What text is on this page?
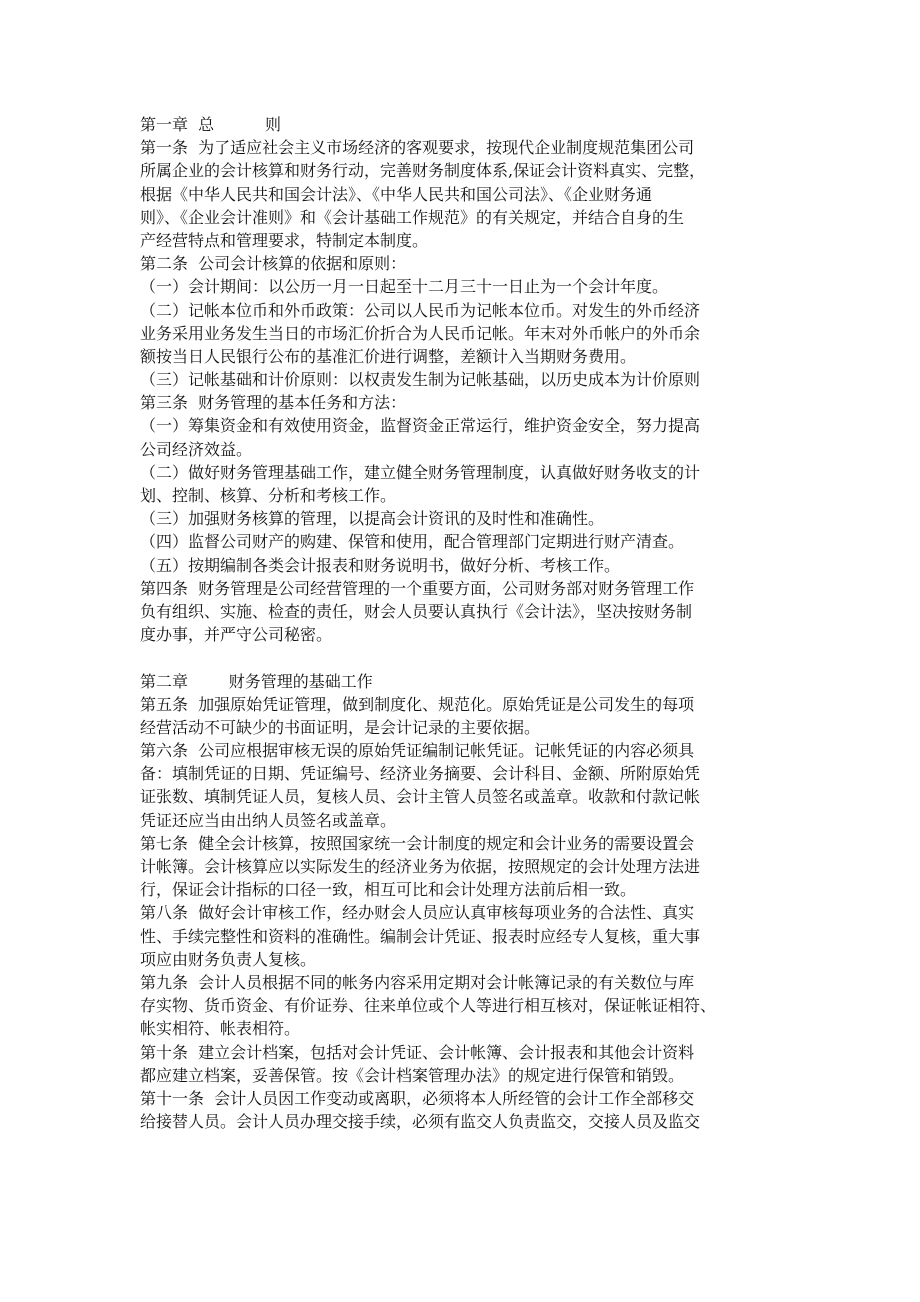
第一章  总          则
第一条  为了适应社会主义市场经济的客观要求，按现代企业制度规范集团公司
所属企业的会计核算和财务行动，完善财务制度体系,保证会计资料真实、完整，
根据《中华人民共和国会计法》、《中华人民共和国公司法》、《企业财务通
则》、《企业会计准则》和《会计基础工作规范》的有关规定，并结合自身的生
产经营特点和管理要求，特制定本制度。
第二条  公司会计核算的依据和原则：
（一）会计期间：以公历一月一日起至十二月三十一日止为一个会计年度。
（二）记帐本位币和外币政策：公司以人民币为记帐本位币。对发生的外币经济
业务采用业务发生当日的市场汇价折合为人民币记帐。年末对外币帐户的外币余
额按当日人民银行公布的基准汇价进行调整，差额计入当期财务费用。
（三）记帐基础和计价原则：以权责发生制为记帐基础，以历史成本为计价原则
第三条  财务管理的基本任务和方法：
（一）筹集资金和有效使用资金，监督资金正常运行，维护资金安全，努力提高
公司经济效益。
（二）做好财务管理基础工作，建立健全财务管理制度，认真做好财务收支的计
划、控制、核算、分析和考核工作。
（三）加强财务核算的管理，以提高会计资讯的及时性和准确性。
（四）监督公司财产的购建、保管和使用，配合管理部门定期进行财产清查。
（五）按期编制各类会计报表和财务说明书，做好分析、考核工作。
第四条  财务管理是公司经营管理的一个重要方面，公司财务部对财务管理工作
负有组织、实施、检查的责任，财会人员要认真执行《会计法》，坚决按财务制
度办事，并严守公司秘密。
第二章        财务管理的基础工作
第五条  加强原始凭证管理，做到制度化、规范化。原始凭证是公司发生的每项
经营活动不可缺少的书面证明，是会计记录的主要依据。
第六条  公司应根据审核无误的原始凭证编制记帐凭证。记帐凭证的内容必须具
备：填制凭证的日期、凭证编号、经济业务摘要、会计科目、金额、所附原始凭
证张数、填制凭证人员，复核人员、会计主管人员签名或盖章。收款和付款记帐
凭证还应当由出纳人员签名或盖章。
第七条  健全会计核算，按照国家统一会计制度的规定和会计业务的需要设置会
计帐簿。会计核算应以实际发生的经济业务为依据，按照规定的会计处理方法进
行，保证会计指标的口径一致，相互可比和会计处理方法前后相一致。
第八条  做好会计审核工作，经办财会人员应认真审核每项业务的合法性、真实
性、手续完整性和资料的准确性。编制会计凭证、报表时应经专人复核，重大事
项应由财务负责人复核。
第九条  会计人员根据不同的帐务内容采用定期对会计帐簿记录的有关数位与库
存实物、货币资金、有价证券、往来单位或个人等进行相互核对，保证帐证相符、
帐实相符、帐表相符。
第十条  建立会计档案，包括对会计凭证、会计帐簿、会计报表和其他会计资料
都应建立档案，妥善保管。按《会计档案管理办法》的规定进行保管和销毁。
第十一条  会计人员因工作变动或离职，必须将本人所经管的会计工作全部移交
给接替人员。会计人员办理交接手续，必须有监交人负责监交，交接人员及监交
